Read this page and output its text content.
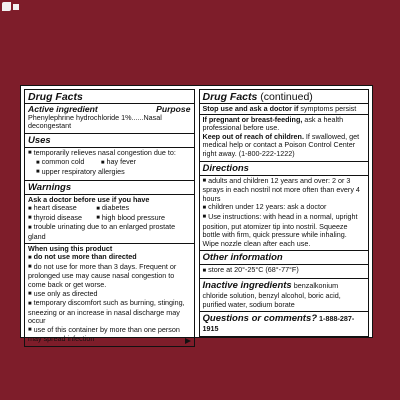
Drug Facts
Active ingredient	Purpose
Phenylephrine hydrochloride 1%......Nasal decongestant
Uses
■ temporarily relieves nasal congestion due to:
■ common cold	■ hay fever
■ upper respiratory allergies
Warnings
Ask a doctor before use if you have
■ heart disease	■ diabetes
■ thyroid disease	■ high blood pressure
■ trouble urinating due to an enlarged prostate gland
When using this product
■ do not use more than directed
■ do not use for more than 3 days. Frequent or prolonged use may cause nasal congestion to come back or get worse.
■ use only as directed
■ temporary discomfort such as burning, stinging, sneezing or an increase in nasal discharge may occur
■ use of this container by more than one person may spread infection
Drug Facts (continued)
Stop use and ask a doctor if symptoms persist
If pregnant or breast-feeding, ask a health professional before use.
Keep out of reach of children. If swallowed, get medical help or contact a Poison Control Center right away. (1-800-222-1222)
Directions
■ adults and children 12 years and over: 2 or 3 sprays in each nostril not more often than every 4 hours
■ children under 12 years: ask a doctor
■ Use instructions: with head in a normal, upright position, put atomizer tip into nostril. Squeeze bottle with firm, quick pressure while inhaling. Wipe nozzle clean after each use.
Other information
■ store at 20°-25°C (68°-77°F)
Inactive ingredients benzalkonium chloride solution, benzyl alcohol, boric acid, purified water, sodium borate
Questions or comments? 1-888-287-1915
